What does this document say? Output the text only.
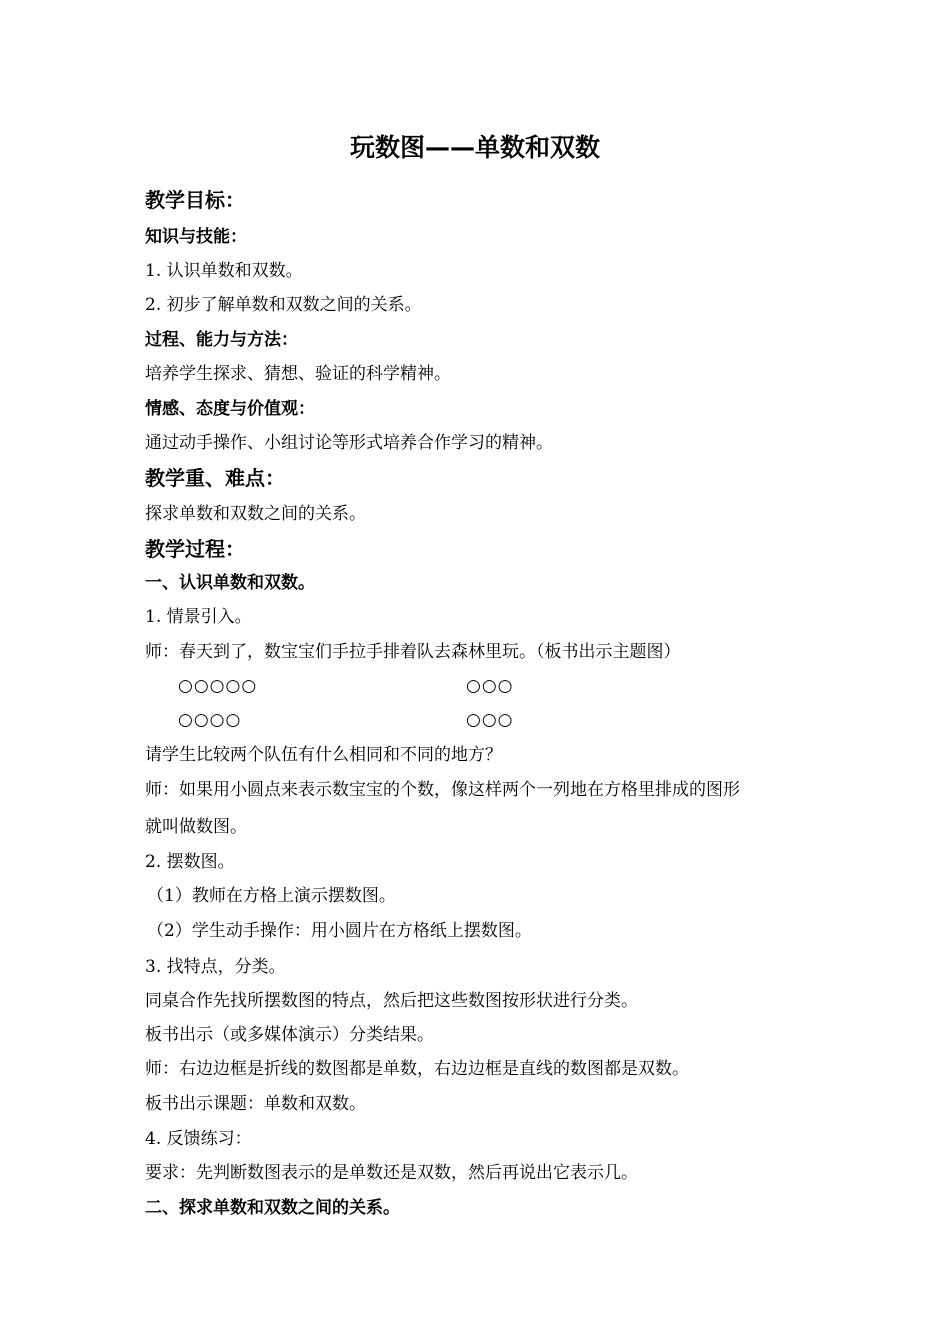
玩数图——单数和双数
教学目标：
知识与技能：
1. 认识单数和双数。
2. 初步了解单数和双数之间的关系。
过程、能力与方法：
培养学生探求、猜想、验证的科学精神。
情感、态度与价值观：
通过动手操作、小组讨论等形式培养合作学习的精神。
教学重、难点：
探求单数和双数之间的关系。
教学过程：
一、认识单数和双数。
1. 情景引入。
师：春天到了，数宝宝们手拉手排着队去森林里玩。（板书出示主题图）
○○○○○	○○○
○○○○	○○○
请学生比较两个队伍有什么相同和不同的地方？
师：如果用小圆点来表示数宝宝的个数，像这样两个一列地在方格里排成的图形
就叫做数图。
2. 摆数图。
（1）教师在方格上演示摆数图。
（2）学生动手操作：用小圆片在方格纸上摆数图。
3. 找特点，分类。
同桌合作先找所摆数图的特点，然后把这些数图按形状进行分类。
板书出示（或多媒体演示）分类结果。
师：右边边框是折线的数图都是单数，右边边框是直线的数图都是双数。
板书出示课题：单数和双数。
4. 反馈练习：
要求：先判断数图表示的是单数还是双数，然后再说出它表示几。
二、探求单数和双数之间的关系。
